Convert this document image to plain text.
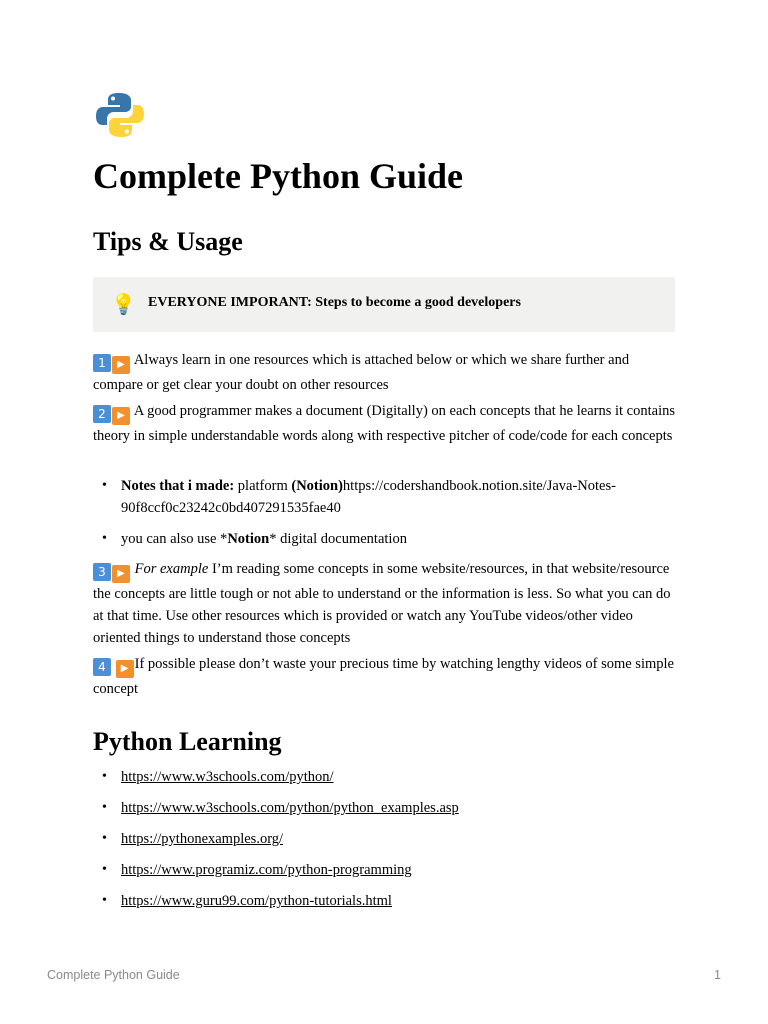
Complete Python Guide
Tips & Usage
💡 EVERYONE IMPORANT: Steps to become a good developers
1 ▶ Always learn in one resources which is attached below or which we share further and compare or get clear your doubt on other resources
2 ▶ A good programmer makes a document (Digitally) on each concepts that he learns it contains theory in simple understandable words along with respective pitcher of code/code for each concepts
• Notes that i made: platform (Notion)https://codershandbook.notion.site/Java-Notes-90f8ccf0c23242c0bd407291535fae40
• you can also use *Notion* digital documentation
3 ▶ For example I’m reading some concepts in some website/resources, in that website/resource the concepts are little tough or not able to understand or the information is less. So what you can do at that time. Use other resources which is provided or watch any YouTube videos/other video oriented things to understand those concepts
4 ▶ If possible please don’t waste your precious time by watching lengthy videos of some simple concept
Python Learning
• https://www.w3schools.com/python/
• https://www.w3schools.com/python/python_examples.asp
• https://pythonexamples.org/
• https://www.programiz.com/python-programming
• https://www.guru99.com/python-tutorials.html
Complete Python Guide	1
